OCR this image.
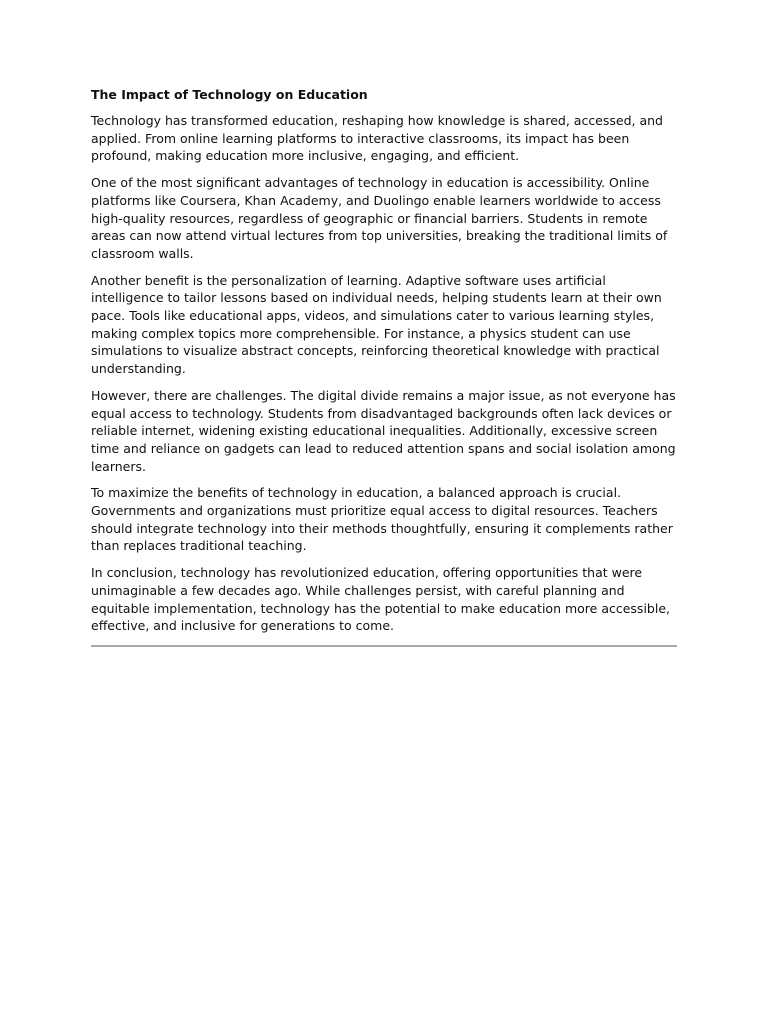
The Impact of Technology on Education

Technology has transformed education, reshaping how knowledge is shared, accessed, and applied. From online learning platforms to interactive classrooms, its impact has been profound, making education more inclusive, engaging, and efficient.

One of the most significant advantages of technology in education is accessibility. Online platforms like Coursera, Khan Academy, and Duolingo enable learners worldwide to access high-quality resources, regardless of geographic or financial barriers. Students in remote areas can now attend virtual lectures from top universities, breaking the traditional limits of classroom walls.

Another benefit is the personalization of learning. Adaptive software uses artificial intelligence to tailor lessons based on individual needs, helping students learn at their own pace. Tools like educational apps, videos, and simulations cater to various learning styles, making complex topics more comprehensible. For instance, a physics student can use simulations to visualize abstract concepts, reinforcing theoretical knowledge with practical understanding.

However, there are challenges. The digital divide remains a major issue, as not everyone has equal access to technology. Students from disadvantaged backgrounds often lack devices or reliable internet, widening existing educational inequalities. Additionally, excessive screen time and reliance on gadgets can lead to reduced attention spans and social isolation among learners.

To maximize the benefits of technology in education, a balanced approach is crucial. Governments and organizations must prioritize equal access to digital resources. Teachers should integrate technology into their methods thoughtfully, ensuring it complements rather than replaces traditional teaching.

In conclusion, technology has revolutionized education, offering opportunities that were unimaginable a few decades ago. While challenges persist, with careful planning and equitable implementation, technology has the potential to make education more accessible, effective, and inclusive for generations to come.
